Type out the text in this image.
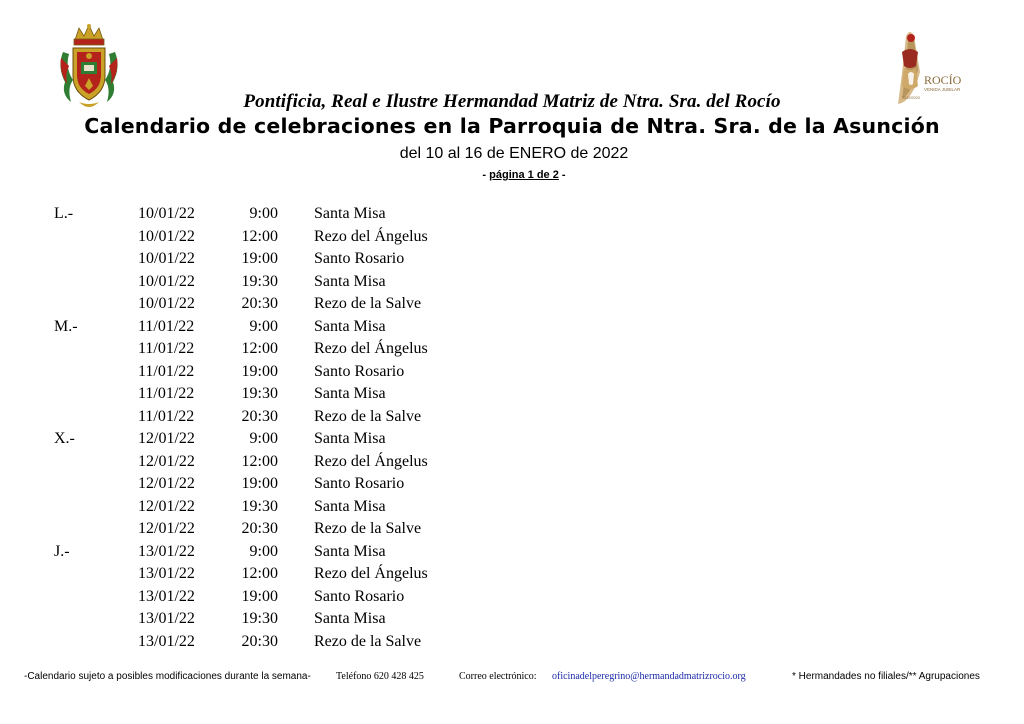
ROCÍO
VENIDA JUBILAR
2019/2020
Pontificia, Real e Ilustre Hermandad Matriz de Ntra. Sra. del Rocío
Calendario de celebraciones en la Parroquia de Ntra. Sra. de la Asunción
del 10 al 16 de ENERO de 2022
- página 1 de 2 -
L.-	10/01/22	9:00 Santa Misa
10/01/22	12:00 Rezo del Ángelus
10/01/22	19:00 Santo Rosario
10/01/22	19:30 Santa Misa
10/01/22	20:30 Rezo de la Salve
M.-	11/01/22	9:00 Santa Misa
11/01/22	12:00 Rezo del Ángelus
11/01/22	19:00 Santo Rosario
11/01/22	19:30 Santa Misa
11/01/22	20:30 Rezo de la Salve
X.-	12/01/22	9:00 Santa Misa
12/01/22	12:00 Rezo del Ángelus
12/01/22	19:00 Santo Rosario
12/01/22	19:30 Santa Misa
12/01/22	20:30 Rezo de la Salve
J.-	13/01/22	9:00 Santa Misa
13/01/22	12:00 Rezo del Ángelus
13/01/22	19:00 Santo Rosario
13/01/22	19:30 Santa Misa
13/01/22	20:30 Rezo de la Salve
-Calendario sujeto a posibles modificaciones durante la semana-	Teléfono 620 428 425	Correo electrónico: oficinadelperegrino@hermandadmatrizrocio.org	* Hermandades no filiales/** Agrupaciones
